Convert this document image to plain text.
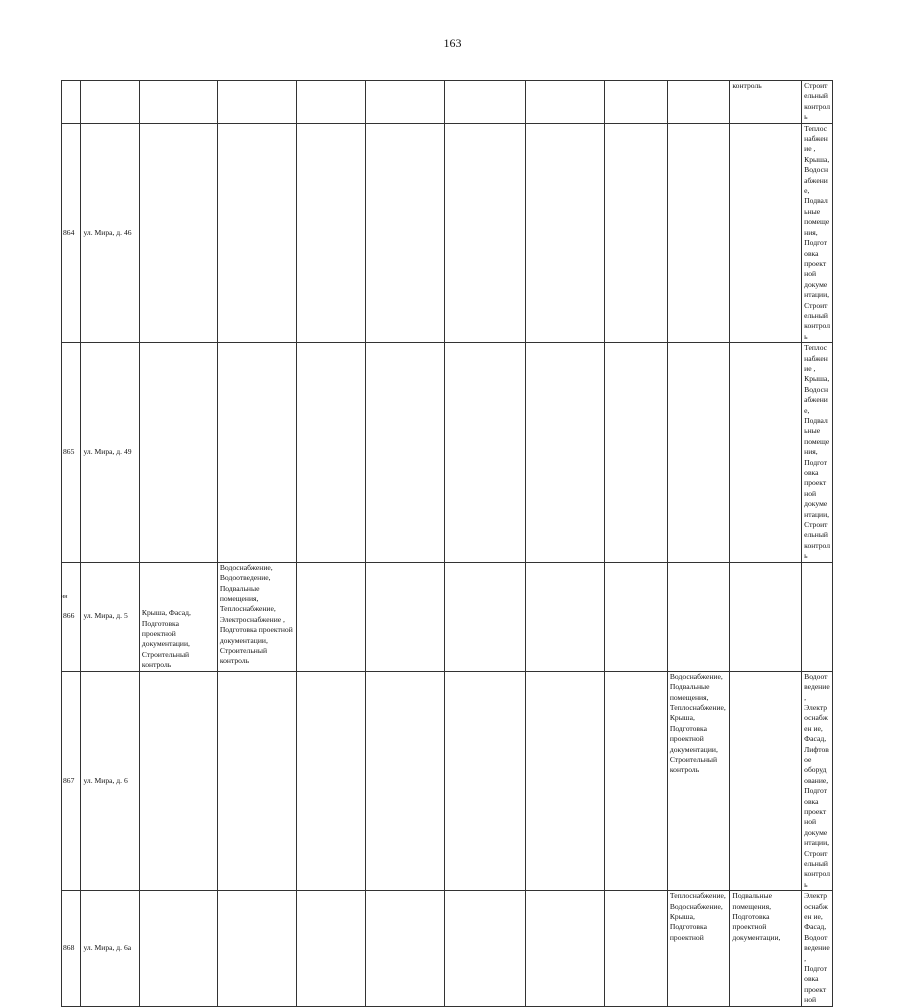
163
										контроль	Строительный контроль
864	ул. Мира, д. 46										Теплоснабжение , Крыша, Водоснабжение, Подвальные помещения, Подготовка проектной документации, Строительный контроль
865	ул. Мира, д. 49										Теплоснабжение , Крыша, Водоснабжение, Подвальные помещения, Подготовка проектной документации, Строительный контроль
866	ул. Мира, д. 5	Крыша, Фасад, Подготовка проектной документации, Строительный контроль	Водоснабжение, Водоотведение, Подвальные помещения, Теплоснабжение, Электроснабжение , Подготовка проектной документации, Строительный контроль								
867	ул. Мира, д. 6								Водоснабжение, Подвальные помещения, Теплоснабжение, Крыша, Подготовка проектной документации, Строительный контроль		Водоотведение, Электроснабжен ие, Фасад, Лифтовое оборудование, Подготовка проектной документации, Строительный контроль
868	ул. Мира, д. 6а								Теплоснабжение, Водоснабжение, Крыша, Подготовка проектной	Подвальные помещения, Подготовка проектной документации,	Электроснабжен ие, Фасад, Водоотведение, Подготовка проектной
нн
